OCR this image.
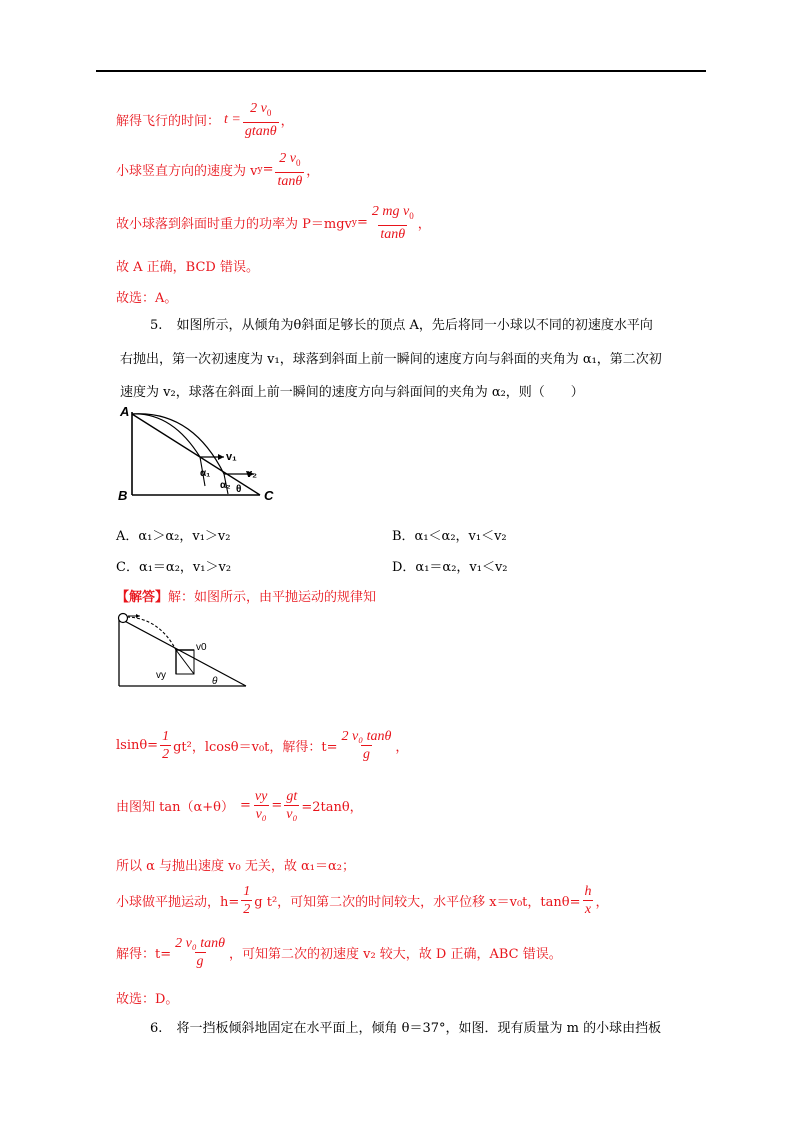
解得飞行的时间： $t = \frac{2 v_0}{gtan\theta}$ ，
小球竖直方向的速度为 v $y = \frac{2 v_0}{\tan\theta}$ ，
故小球落到斜面时重力的功率为 P＝mgv $y = \frac{2 mg v_0}{\tan\theta}$ ，
故 A 正确，BCD 错误。
故选：A。
5. 如图所示，从倾角为θ斜面足够长的顶点 A，先后将同一小球以不同的初速度水平向
右抛出，第一次初速度为 v₁，球落到斜面上前一瞬间的速度方向与斜面的夹角为 α₁，第二次初
速度为 v₂，球落在斜面上前一瞬间的速度方向与斜面间的夹角为 α₂，则（　　）
A
B	C
v₁
v₂
α₁
α₂ θ
A．α₁＞α₂，v₁＞v₂	B．α₁＜α₂，v₁＜v₂
C．α₁＝α₂，v₁＞v₂	D．α₁＝α₂，v₁＜v₂
【解答】 解：如图所示，由平抛运动的规律知
v0
vy
θ
$lsin\theta= \frac{1}{2} gt^2$，lcosθ＝v₀t，解得：$t= \frac{\text{2 v₀ tanθ}}{g}$ ，
由图知 $\tan(\alpha+\theta) = \frac{vy}{\text{v₀}} = \frac{gt}{\text{v₀}} =2\tan\theta$，
所以 α 与抛出速度 v₀ 无关，故 α₁＝α₂；
小球做平抛运动，$h= \frac{1}{2}$ g t²，可知第二次的时间较大，水平位移 x＝v₀t，$\tan\theta= \frac{h}{x}$ ，
解得：$t= \frac{\text{2 v₀ tanθ}}{g}$ ，可知第二次的初速度 v₂ 较大，故 D 正确，ABC 错误。
故选：D。
6. 将一挡板倾斜地固定在水平面上，倾角 θ＝37°，如图．现有质量为 m 的小球由挡板
